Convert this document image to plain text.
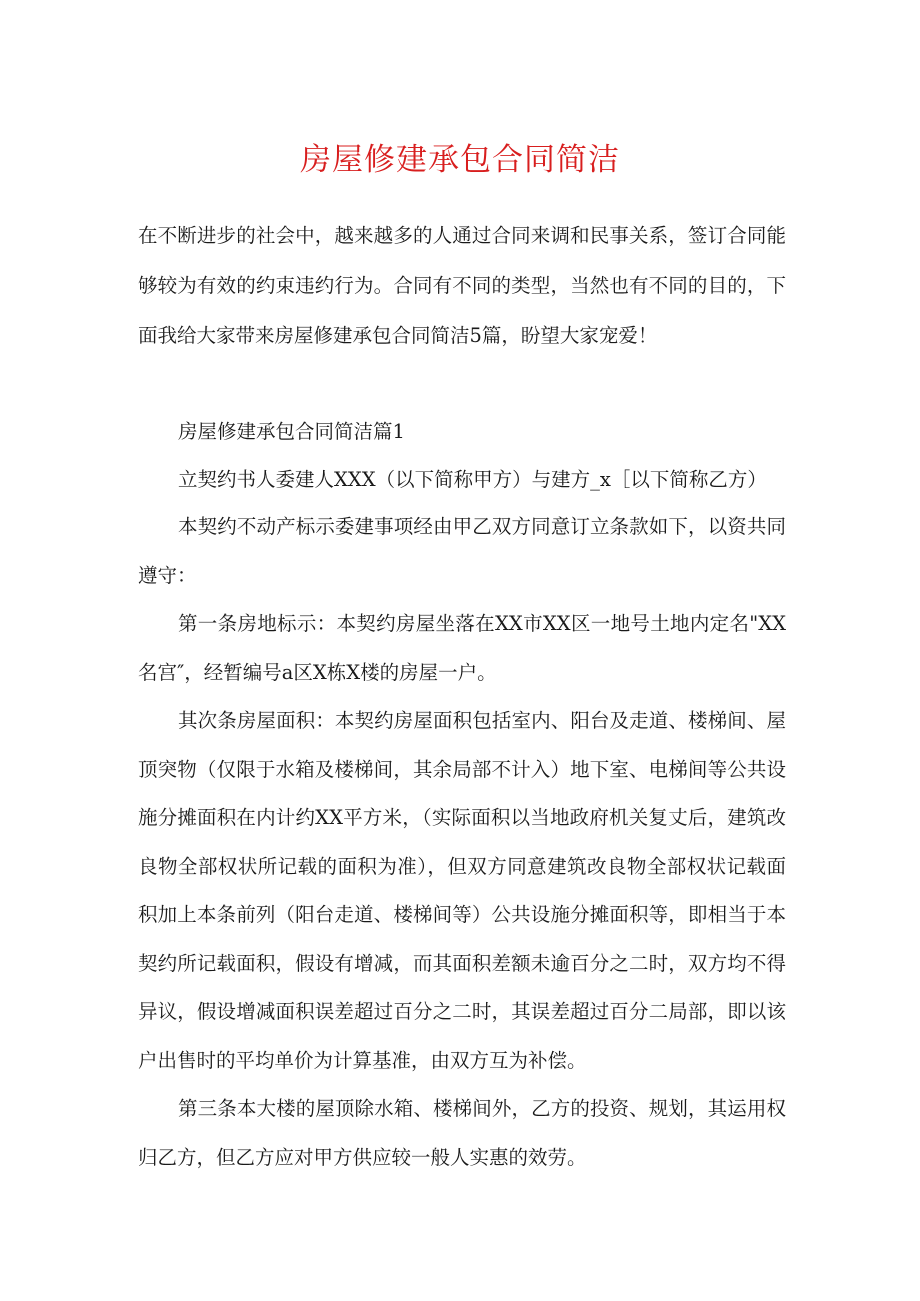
房屋修建承包合同简洁

在不断进步的社会中，越来越多的人通过合同来调和民事关系，签订合同能够较为有效的约束违约行为。合同有不同的类型，当然也有不同的目的，下面我给大家带来房屋修建承包合同简洁5篇，盼望大家宠爱！

房屋修建承包合同简洁篇1

立契约书人委建人XXX（以下简称甲方）与建方_x［以下简称乙方）

本契约不动产标示委建事项经由甲乙双方同意订立条款如下，以资共同遵守：

第一条房地标示：本契约房屋坐落在XX市XX区一地号土地内定名"XX名宫″，经暂编号a区X栋X楼的房屋一户。

其次条房屋面积：本契约房屋面积包括室内、阳台及走道、楼梯间、屋顶突物（仅限于水箱及楼梯间，其余局部不计入）地下室、电梯间等公共设施分摊面积在内计约XX平方米，（实际面积以当地政府机关复丈后，建筑改良物全部权状所记载的面积为准），但双方同意建筑改良物全部权状记载面积加上本条前列（阳台走道、楼梯间等）公共设施分摊面积等，即相当于本契约所记载面积，假设有增减，而其面积差额未逾百分之二时，双方均不得异议，假设增减面积误差超过百分之二时，其误差超过百分二局部，即以该户出售时的平均单价为计算基准，由双方互为补偿。

第三条本大楼的屋顶除水箱、楼梯间外，乙方的投资、规划，其运用权归乙方，但乙方应对甲方供应较一般人实惠的效劳。
